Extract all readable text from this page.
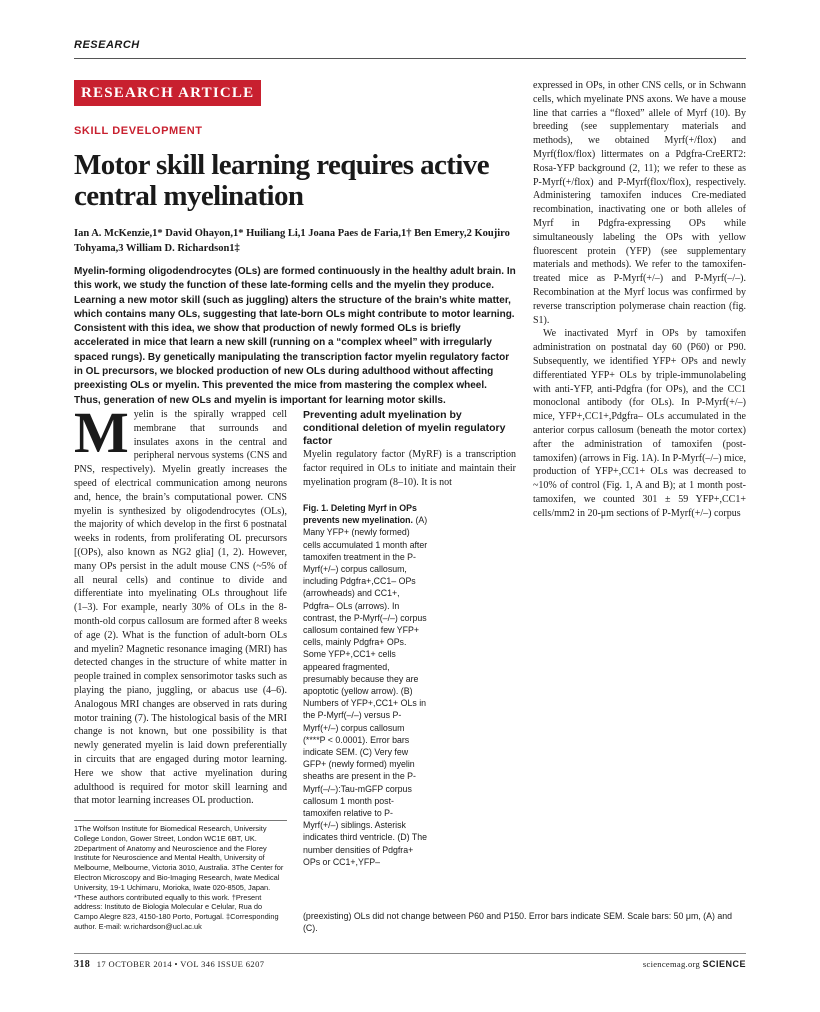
RESEARCH
RESEARCH ARTICLE
SKILL DEVELOPMENT
Motor skill learning requires active central myelination
Ian A. McKenzie,1* David Ohayon,1* Huiliang Li,1 Joana Paes de Faria,1† Ben Emery,2 Koujiro Tohyama,3 William D. Richardson1‡
Myelin-forming oligodendrocytes (OLs) are formed continuously in the healthy adult brain. In this work, we study the function of these late-forming cells and the myelin they produce. Learning a new motor skill (such as juggling) alters the structure of the brain’s white matter, which contains many OLs, suggesting that late-born OLs might contribute to motor learning. Consistent with this idea, we show that production of newly formed OLs is briefly accelerated in mice that learn a new skill (running on a “complex wheel” with irregularly spaced rungs). By genetically manipulating the transcription factor myelin regulatory factor in OL precursors, we blocked production of new OLs during adulthood without affecting preexisting OLs or myelin. This prevented the mice from mastering the complex wheel. Thus, generation of new OLs and myelin is important for learning motor skills.
M yelin is the spirally wrapped cell membrane that surrounds and insulates axons in the central and peripheral nervous systems (CNS and PNS, respectively). Myelin greatly increases the speed of electrical communication among neurons and, hence, the brain’s computational power. CNS myelin is synthesized by oligodendrocytes (OLs), the majority of which develop in the first 6 postnatal weeks in rodents, from proliferating OL precursors [(OPs), also known as NG2 glia] (1, 2). However, many OPs persist in the adult mouse CNS (~5% of all neural cells) and continue to divide and differentiate into myelinating OLs throughout life (1–3). For example, nearly 30% of OLs in the 8-month-old corpus callosum are formed after 8 weeks of age (2). What is the function of adult-born OLs and myelin? Magnetic resonance imaging (MRI) has detected changes in the structure of white matter in people trained in complex sensorimotor tasks such as playing the piano, juggling, or abacus use (4–6). Analogous MRI changes are observed in rats during motor training (7). The histological basis of the MRI change is not known, but one possibility is that newly generated myelin is laid down preferentially in circuits that are engaged during motor learning. Here we show that active myelination during adulthood is required for motor skill learning and that motor learning increases OL production.
Preventing adult myelination by conditional deletion of myelin regulatory factor
Myelin regulatory factor (MyRF) is a transcription factor required in OLs to initiate and maintain their myelination program (8–10). It is not
Fig. 1. Deleting Myrf in OPs prevents new myelination. (A) Many YFP+ (newly formed) cells accumulated 1 month after tamoxifen treatment in the P-Myrf(+/–) corpus callosum, including Pdgfra+,CC1– OPs (arrowheads) and CC1+, Pdgfra– OLs (arrows). In contrast, the P-Myrf(–/–) corpus callosum contained few YFP+ cells, mainly Pdgfra+ OPs. Some YFP+,CC1+ cells appeared fragmented, presumably because they are apoptotic (yellow arrow). (B) Numbers of YFP+,CC1+ OLs in the P-Myrf(–/–) versus P-Myrf(+/–) corpus callosum (****P < 0.0001). Error bars indicate SEM. (C) Very few GFP+ (newly formed) myelin sheaths are present in the P-Myrf(–/–):Tau-mGFP corpus callosum 1 month post-tamoxifen relative to P-Myrf(+/–) siblings. Asterisk indicates third ventricle. (D) The number densities of Pdgfra+ OPs or CC1+,YFP–
(preexisting) OLs did not change between P60 and P150. Error bars indicate SEM. Scale bars: 50 μm, (A) and (C).

expressed in OPs, in other CNS cells, or in Schwann cells, which myelinate PNS axons. We have a mouse line that carries a “floxed” allele of Myrf (10). By breeding (see supplementary materials and methods), we obtained Myrf(+/flox) and Myrf(flox/flox) littermates on a Pdgfra-CreERT2: Rosa-YFP background (2, 11); we refer to these as P-Myrf(+/flox) and P-Myrf(flox/flox), respectively. Administering tamoxifen induces Cre-mediated recombination, inactivating one or both alleles of Myrf in Pdgfra-expressing OPs while simultaneously labeling the OPs with yellow fluorescent protein (YFP) (see supplementary materials and methods). We refer to the tamoxifen-treated mice as P-Myrf(+/–) and P-Myrf(–/–). Recombination at the Myrf locus was confirmed by reverse transcription polymerase chain reaction (fig. S1).

We inactivated Myrf in OPs by tamoxifen administration on postnatal day 60 (P60) or P90. Subsequently, we identified YFP+ OPs and newly differentiated YFP+ OLs by triple-immunolabeling with anti-YFP, anti-Pdgfra (for OPs), and the CC1 monoclonal antibody (for OLs). In P-Myrf(+/–) mice, YFP+,CC1+,Pdgfra– OLs accumulated in the anterior corpus callosum (beneath the motor cortex) after the administration of tamoxifen (post-tamoxifen) (arrows in Fig. 1A). In P-Myrf(–/–) mice, production of YFP+,CC1+ OLs was decreased to ~10% of control (Fig. 1, A and B); at 1 month post-tamoxifen, we counted 301 ± 59 YFP+,CC1+ cells/mm2 in 20-μm sections of P-Myrf(+/–) corpus

1The Wolfson Institute for Biomedical Research, University College London, Gower Street, London WC1E 6BT, UK. 2Department of Anatomy and Neuroscience and the Florey Institute for Neuroscience and Mental Health, University of Melbourne, Melbourne, Victoria 3010, Australia. 3The Center for Electron Microscopy and Bio-Imaging Research, Iwate Medical University, 19-1 Uchimaru, Morioka, Iwate 020-8505, Japan. *These authors contributed equally to this work. †Present address: Instituto de Biologia Molecular e Celular, Rua do Campo Alegre 823, 4150-180 Porto, Portugal. ‡Corresponding author. E-mail: w.richardson@ucl.ac.uk
318 17 OCTOBER 2014 • VOL 346 ISSUE 6207	sciencemag.org SCIENCE
